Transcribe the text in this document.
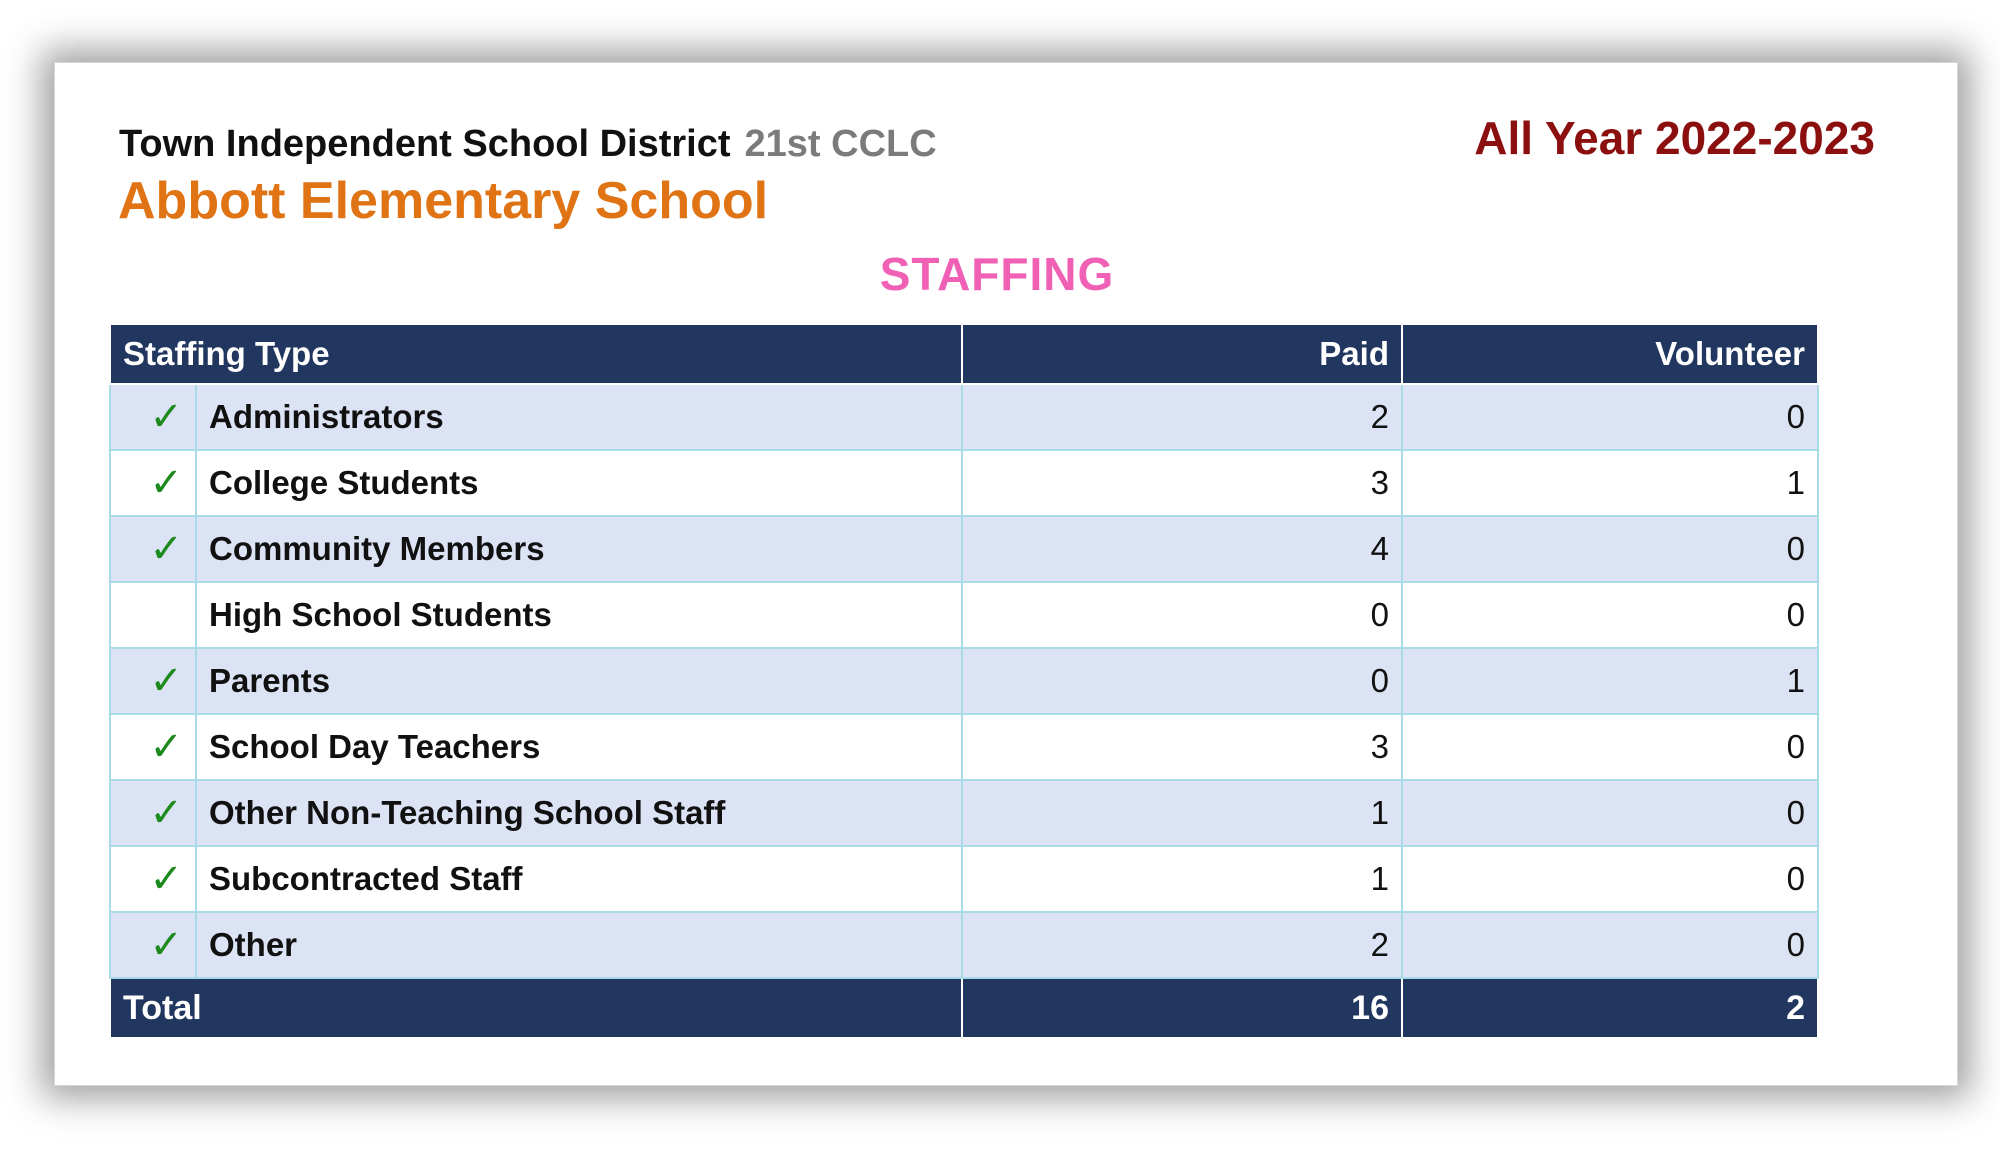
Town Independent School District 21st CCLC
Abbott Elementary School
All Year 2022-2023
STAFFING
Staffing Type		Paid	Volunteer
✓	Administrators	2	0
✓	College Students	3	1
✓	Community Members	4	0
	High School Students	0	0
✓	Parents	0	1
✓	School Day Teachers	3	0
✓	Other Non-Teaching School Staff	1	0
✓	Subcontracted Staff	1	0
✓	Other	2	0
Total		16	2
